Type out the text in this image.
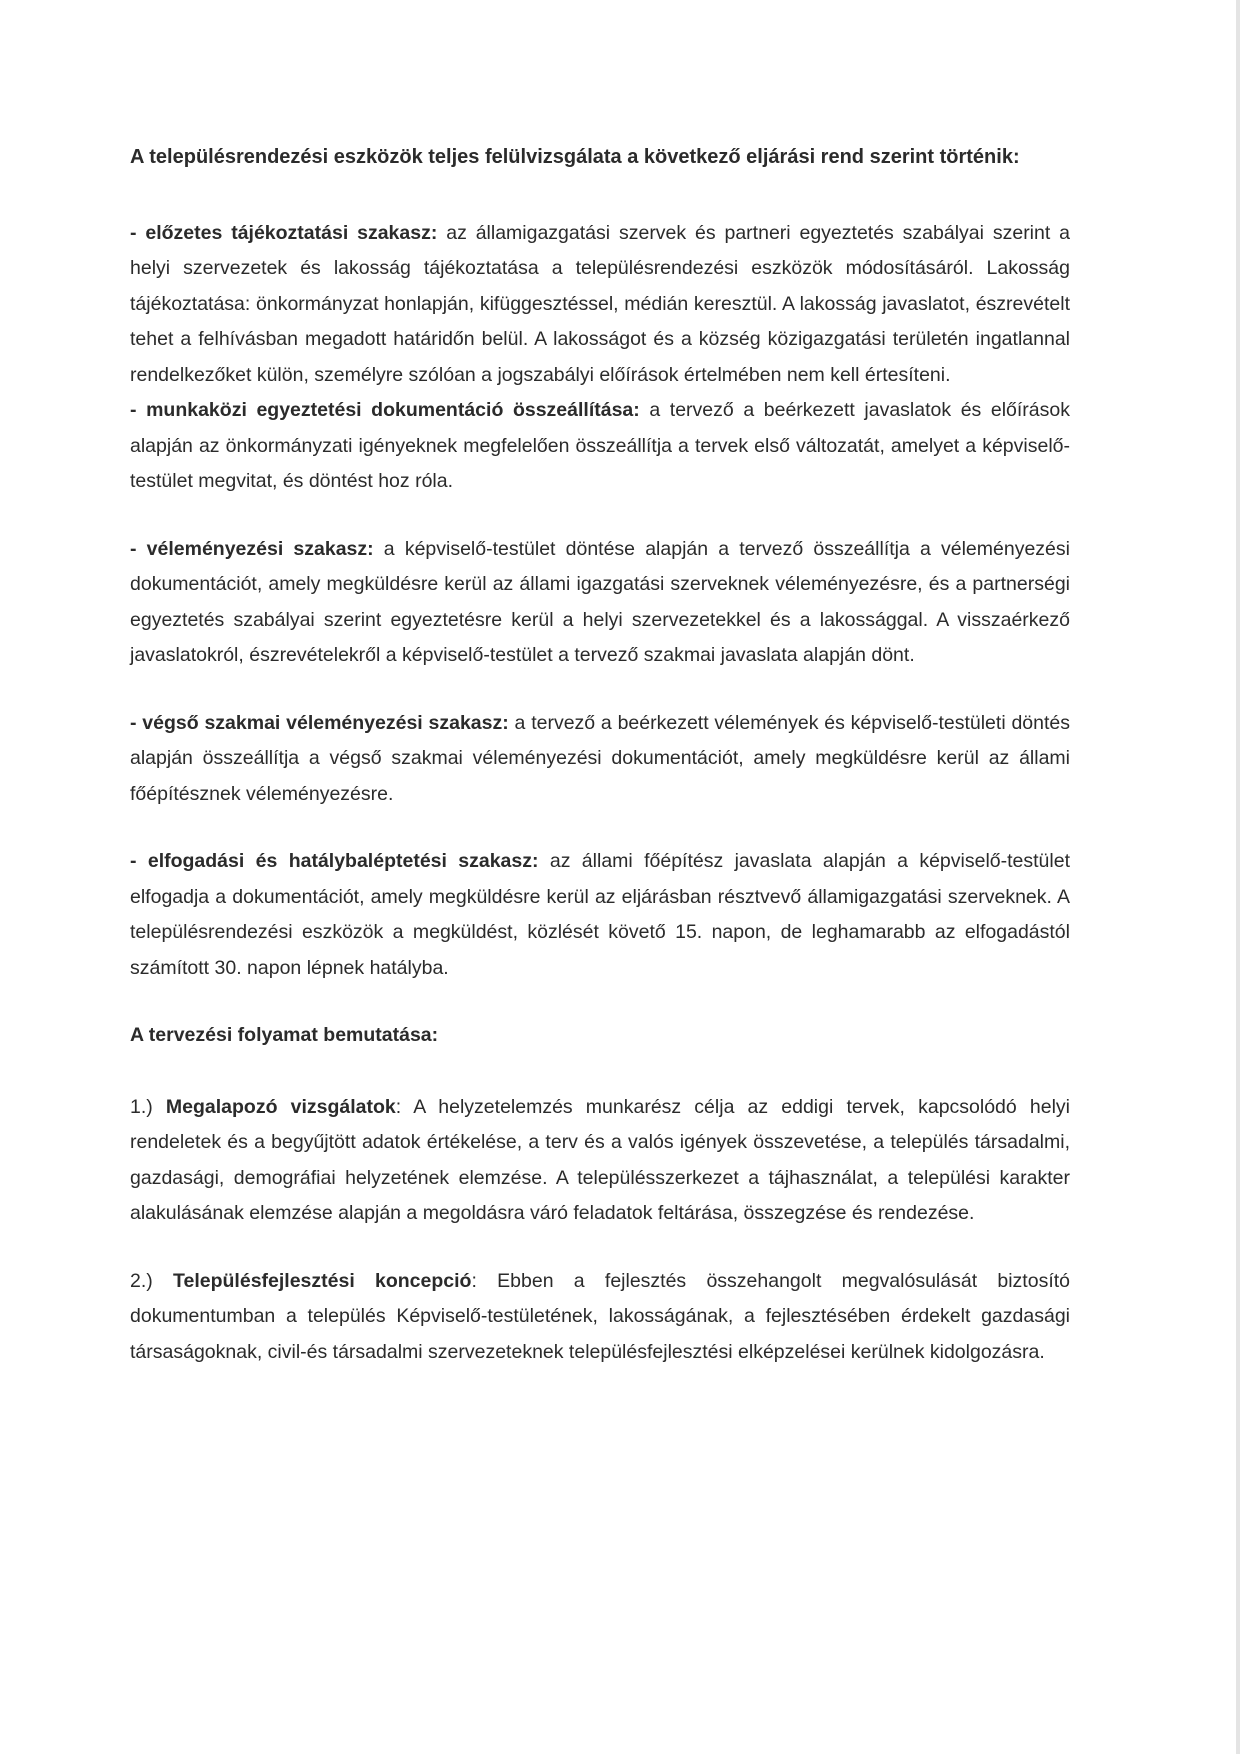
A településrendezési eszközök teljes felülvizsgálata a következő eljárási rend szerint történik:

- előzetes tájékoztatási szakasz: az államigazgatási szervek és partneri egyeztetés szabályai szerint a helyi szervezetek és lakosság tájékoztatása a településrendezési eszközök módosításáról. Lakosság tájékoztatása: önkormányzat honlapján, kifüggesztéssel, médián keresztül. A lakosság javaslatot, észrevételt tehet a felhívásban megadott határidőn belül. A lakosságot és a község közigazgatási területén ingatlannal rendelkezőket külön, személyre szólóan a jogszabályi előírások értelmében nem kell értesíteni.

- munkaközi egyeztetési dokumentáció összeállítása: a tervező a beérkezett javaslatok és előírások alapján az önkormányzati igényeknek megfelelően összeállítja a tervek első változatát, amelyet a képviselő-testület megvitat, és döntést hoz róla.

- véleményezési szakasz: a képviselő-testület döntése alapján a tervező összeállítja a véleményezési dokumentációt, amely megküldésre kerül az állami igazgatási szerveknek véleményezésre, és a partnerségi egyeztetés szabályai szerint egyeztetésre kerül a helyi szervezetekkel és a lakossággal. A visszaérkező javaslatokról, észrevételekről a képviselő-testület a tervező szakmai javaslata alapján dönt.

- végső szakmai véleményezési szakasz: a tervező a beérkezett vélemények és képviselő-testületi döntés alapján összeállítja a végső szakmai véleményezési dokumentációt, amely megküldésre kerül az állami főépítésznek véleményezésre.

- elfogadási és hatálybaléptetési szakasz: az állami főépítész javaslata alapján a képviselő-testület elfogadja a dokumentációt, amely megküldésre kerül az eljárásban résztvevő államigazgatási szerveknek. A településrendezési eszközök a megküldést, közlését követő 15. napon, de leghamarabb az elfogadástól számított 30. napon lépnek hatályba.

A tervezési folyamat bemutatása:

1.) Megalapozó vizsgálatok: A helyzetelemzés munkarész célja az eddigi tervek, kapcsolódó helyi rendeletek és a begyűjtött adatok értékelése, a terv és a valós igények összevetése, a település társadalmi, gazdasági, demográfiai helyzetének elemzése. A településszerkezet a tájhasználat, a települési karakter alakulásának elemzése alapján a megoldásra váró feladatok feltárása, összegzése és rendezése.

2.) Településfejlesztési koncepció: Ebben a fejlesztés összehangolt megvalósulását biztosító dokumentumban a település Képviselő-testületének, lakosságának, a fejlesztésében érdekelt gazdasági társaságoknak, civil-és társadalmi szervezeteknek településfejlesztési elképzelései kerülnek kidolgozásra.
